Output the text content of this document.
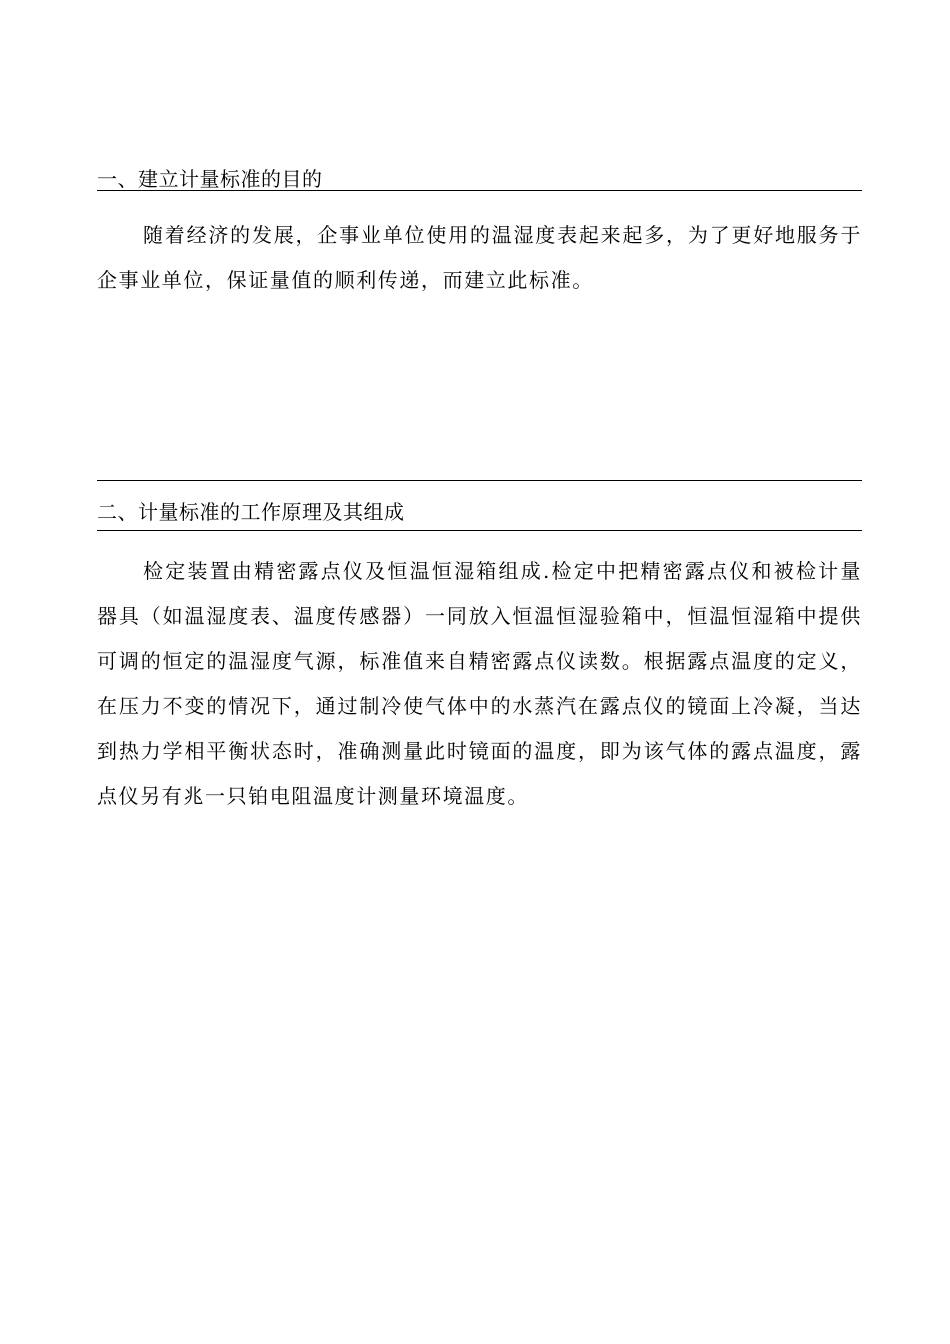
一、建立计量标准的目的

随着经济的发展，企事业单位使用的温湿度表起来起多，为了更好地服务于企事业单位，保证量值的顺利传递，而建立此标准。

二、计量标准的工作原理及其组成

检定装置由精密露点仪及恒温恒湿箱组成.检定中把精密露点仪和被检计量器具（如温湿度表、温度传感器）一同放入恒温恒湿验箱中，恒温恒湿箱中提供可调的恒定的温湿度气源，标准值来自精密露点仪读数。根据露点温度的定义，在压力不变的情况下，通过制冷使气体中的水蒸汽在露点仪的镜面上冷凝，当达到热力学相平衡状态时，准确测量此时镜面的温度，即为该气体的露点温度，露点仪另有兆一只铂电阻温度计测量环境温度。
